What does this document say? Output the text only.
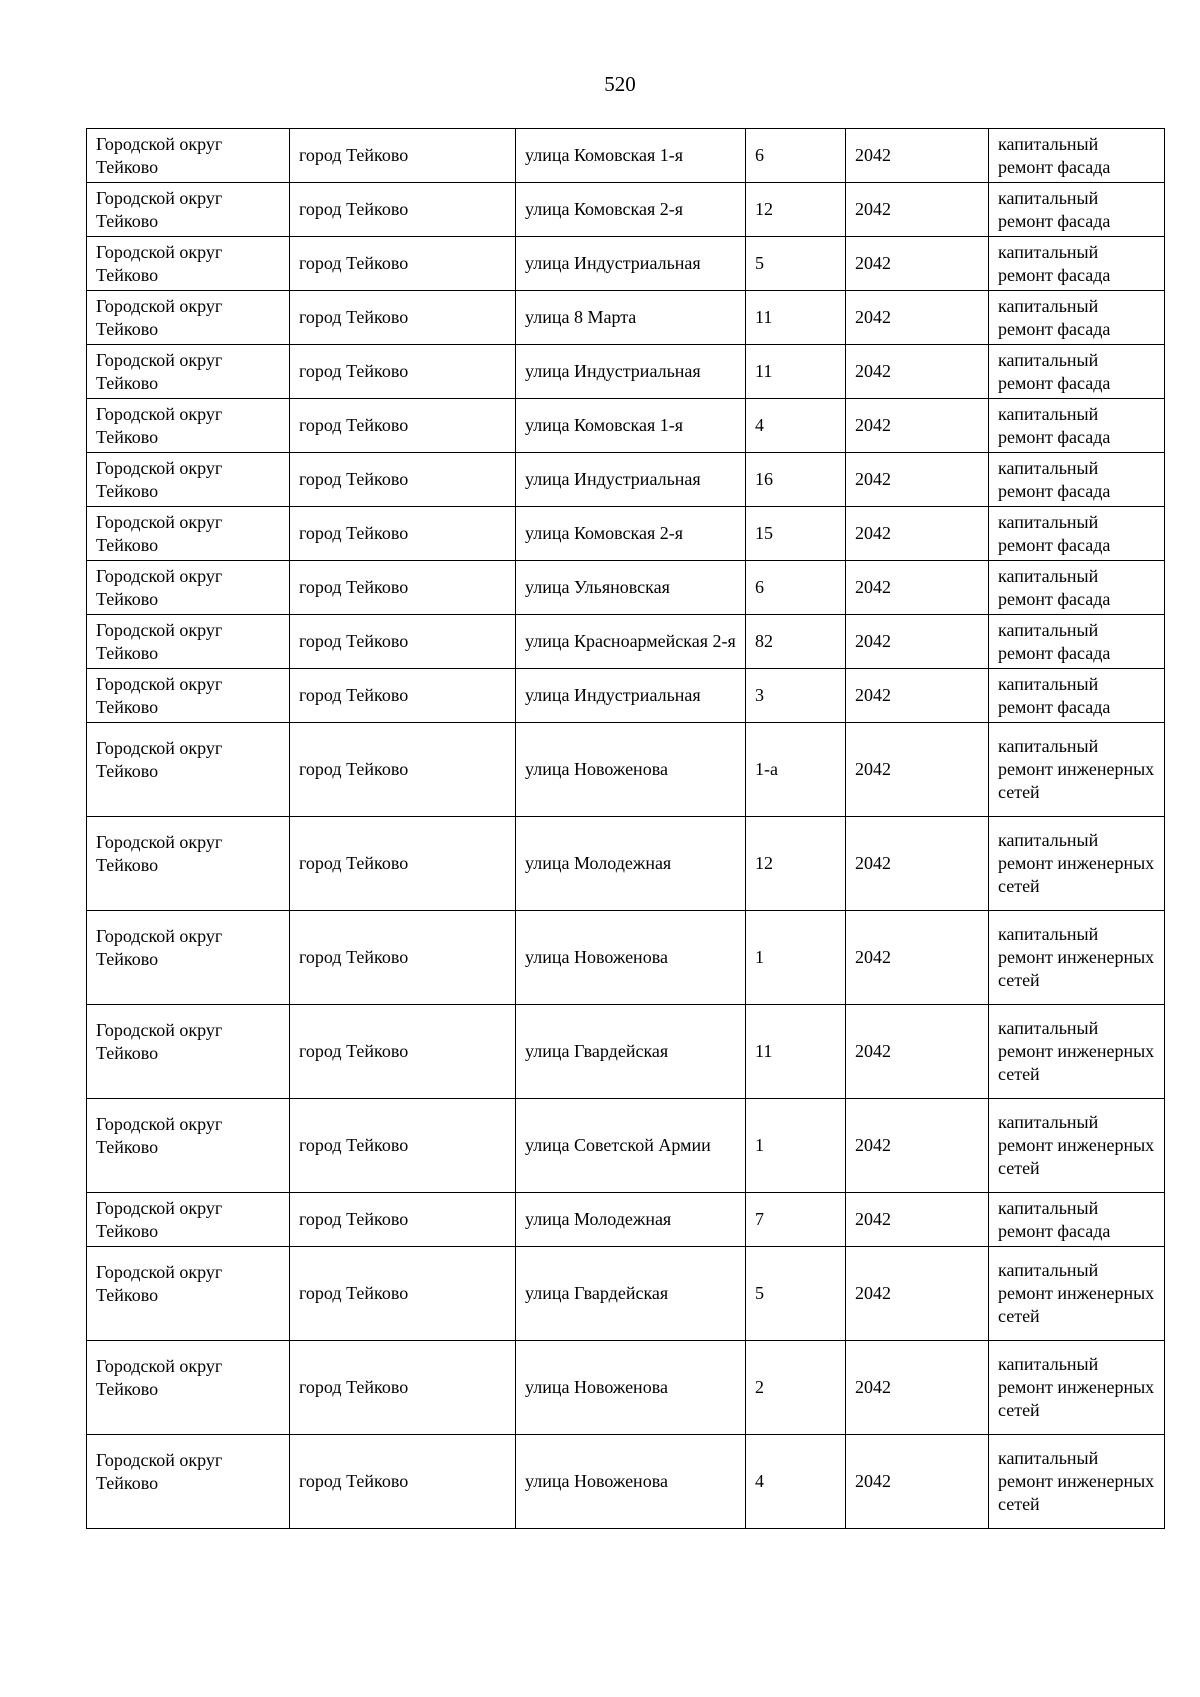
520
Городской округ Тейково	город Тейково	улица Комовская 1-я	6	2042	капитальный ремонт фасада

Городской округ Тейково	город Тейково	улица Комовская 2-я	12	2042	капитальный ремонт фасада

Городской округ Тейково	город Тейково	улица Индустриальная	5	2042	капитальный ремонт фасада

Городской округ Тейково	город Тейково	улица 8 Марта	11	2042	капитальный ремонт фасада

Городской округ Тейково	город Тейково	улица Индустриальная	11	2042	капитальный ремонт фасада

Городской округ Тейково	город Тейково	улица Комовская 1-я	4	2042	капитальный ремонт фасада

Городской округ Тейково	город Тейково	улица Индустриальная	16	2042	капитальный ремонт фасада

Городской округ Тейково	город Тейково	улица Комовская 2-я	15	2042	капитальный ремонт фасада

Городской округ Тейково	город Тейково	улица Ульяновская	6	2042	капитальный ремонт фасада

Городской округ Тейково	город Тейково	улица Красноармейская 2-я	82	2042	капитальный ремонт фасада

Городской округ Тейково	город Тейково	улица Индустриальная	3	2042	капитальный ремонт фасада

Городской округ Тейково	город Тейково	улица Новоженова	1-а	2042	капитальный ремонт инженерных сетей

Городской округ Тейково	город Тейково	улица Молодежная	12	2042	капитальный ремонт инженерных сетей

Городской округ Тейково	город Тейково	улица Новоженова	1	2042	капитальный ремонт инженерных сетей

Городской округ Тейково	город Тейково	улица Гвардейская	11	2042	капитальный ремонт инженерных сетей

Городской округ Тейково	город Тейково	улица Советской Армии	1	2042	капитальный ремонт инженерных сетей

Городской округ Тейково	город Тейково	улица Молодежная	7	2042	капитальный ремонт фасада

Городской округ Тейково	город Тейково	улица Гвардейская	5	2042	капитальный ремонт инженерных сетей

Городской округ Тейково	город Тейково	улица Новоженова	2	2042	капитальный ремонт инженерных сетей

Городской округ Тейково	город Тейково	улица Новоженова	4	2042	капитальный ремонт инженерных сетей
